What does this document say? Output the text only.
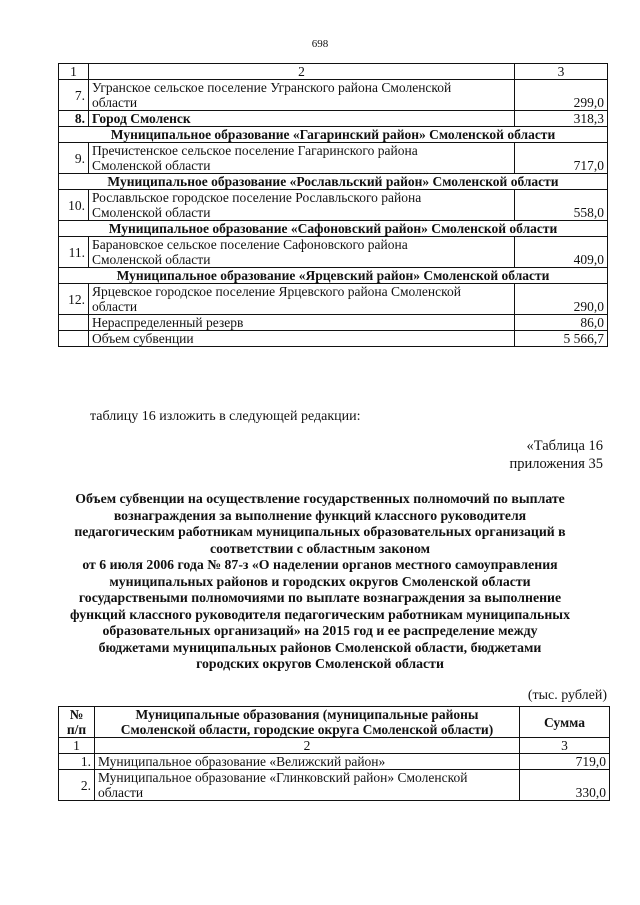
698
1	2	3
7.	Угранское сельское поселение Угранского района Смоленской
области	299,0
8.	Город Смоленск	318,3
Муниципальное образование «Гагаринский район» Смоленской области		
9.	Пречистенское сельское поселение Гагаринского района
Смоленской области	717,0
Муниципальное образование «Рославльский район» Смоленской области		
10.	Рославльское городское поселение Рославльского района
Смоленской области	558,0
Муниципальное образование «Сафоновский район» Смоленской области		
11.	Барановское сельское поселение Сафоновского района
Смоленской области	409,0
Муниципальное образование «Ярцевский район» Смоленской области		
12.	Ярцевское городское поселение Ярцевского района Смоленской
области	290,0
	Нераспределенный резерв	86,0
	Объем субвенции	5 566,7
таблицу 16 изложить в следующей редакции:
«Таблица 16
приложения 35
Объем субвенции на осуществление государственных полномочий по выплате
вознаграждения за выполнение функций классного руководителя
педагогическим работникам муниципальных образовательных организаций в
соответствии с областным законом
от 6 июля 2006 года № 87-з «О наделении органов местного самоуправления
муниципальных районов и городских округов Смоленской области
государствеными полномочиями по выплате вознаграждения за выполнение
функций классного руководителя педагогическим работникам муниципальных
образовательных организаций» на 2015 год и ее распределение между
бюджетами муниципальных районов Смоленской области, бюджетами
городских округов Смоленской области
(тыс. рублей)
№
п/п	Муниципальные образования (муниципальные районы
Смоленской области, городские округа Смоленской области)	Сумма
1	2	3
1.	Муниципальное образование «Велижский район»	719,0
2.	Муниципальное образование «Глинковский район» Смоленской
области	330,0
